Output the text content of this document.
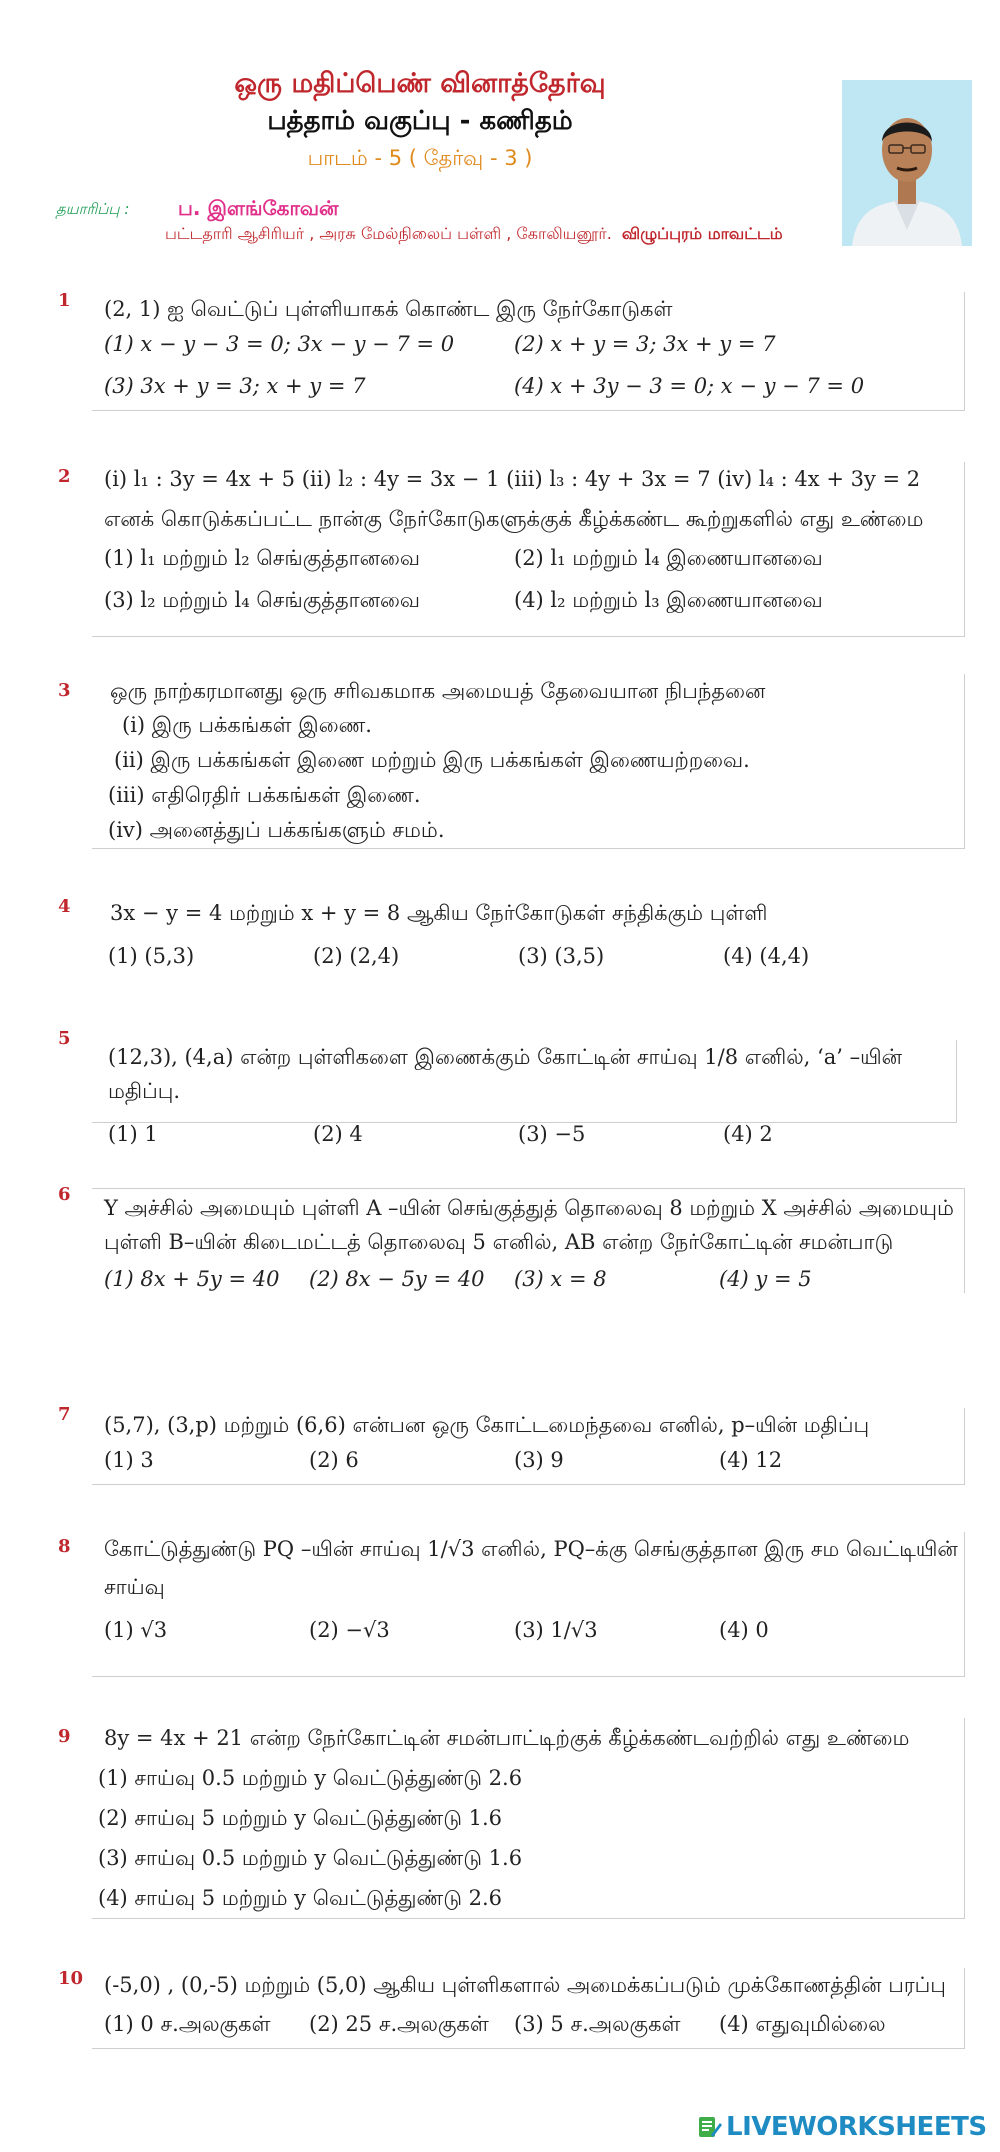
ஒரு மதிப்பெண் வினாத்தேர்வு
பத்தாம் வகுப்பு - கணிதம்
பாடம் - 5 ( தேர்வு - 3 )
தயாரிப்பு : ப. இளங்கோவன்
பட்டதாரி ஆசிரியர் , அரசு மேல்நிலைப் பள்ளி , கோலியனூர். விழுப்புரம் மாவட்டம்
1	(2, 1) ஐ வெட்டுப் புள்ளியாகக் கொண்ட இரு நேர்கோடுகள்
(1) x − y − 3 = 0; 3x − y − 7 = 0	(2) x + y = 3; 3x + y = 7
(3) 3x + y = 3; x + y = 7	(4) x + 3y − 3 = 0; x − y − 7 = 0
2	(i) l₁ : 3y = 4x + 5 (ii) l₂ : 4y = 3x − 1 (iii) l₃ : 4y + 3x = 7 (iv) l₄ : 4x + 3y = 2
எனக் கொடுக்கப்பட்ட நான்கு நேர்கோடுகளுக்குக் கீழ்க்கண்ட கூற்றுகளில் எது உண்மை
(1) l₁ மற்றும் l₂ செங்குத்தானவை	(2) l₁ மற்றும் l₄ இணையானவை
(3) l₂ மற்றும் l₄ செங்குத்தானவை	(4) l₂ மற்றும் l₃ இணையானவை
3	ஒரு நாற்கரமானது ஒரு சரிவகமாக அமையத் தேவையான நிபந்தனை
(i) இரு பக்கங்கள் இணை.
(ii) இரு பக்கங்கள் இணை மற்றும் இரு பக்கங்கள் இணையற்றவை.
(iii) எதிரெதிர் பக்கங்கள் இணை.
(iv) அனைத்துப் பக்கங்களும் சமம்.
4	3x − y = 4 மற்றும் x + y = 8 ஆகிய நேர்கோடுகள் சந்திக்கும் புள்ளி
(1) (5,3)	(2) (2,4)	(3) (3,5)	(4) (4,4)
5
(12,3), (4,a) என்ற புள்ளிகளை இணைக்கும் கோட்டின் சாய்வு 1/8 எனில், ‘a’ –யின் மதிப்பு.
(1) 1	(2) 4	(3) −5	(4) 2
6
Y அச்சில் அமையும் புள்ளி A –யின் செங்குத்துத் தொலைவு 8 மற்றும் X அச்சில் அமையும்
புள்ளி B–யின் கிடைமட்டத் தொலைவு 5 எனில், AB என்ற நேர்கோட்டின் சமன்பாடு
(1) 8x + 5y = 40	(2) 8x − 5y = 40	(3) x = 8	(4) y = 5
7	(5,7), (3,p) மற்றும் (6,6) என்பன ஒரு கோட்டமைந்தவை எனில், p–யின் மதிப்பு
(1) 3	(2) 6	(3) 9	(4) 12
8	கோட்டுத்துண்டு PQ –யின் சாய்வு 1/√3 எனில், PQ–க்கு செங்குத்தான இரு சம வெட்டியின்
சாய்வு
(1) √3	(2) −√3	(3) 1/√3	(4) 0
9	8y = 4x + 21 என்ற நேர்கோட்டின் சமன்பாட்டிற்குக் கீழ்க்கண்டவற்றில் எது உண்மை
(1) சாய்வு 0.5 மற்றும் y வெட்டுத்துண்டு 2.6
(2) சாய்வு 5 மற்றும் y வெட்டுத்துண்டு 1.6
(3) சாய்வு 0.5 மற்றும் y வெட்டுத்துண்டு 1.6
(4) சாய்வு 5 மற்றும் y வெட்டுத்துண்டு 2.6
10 (-5,0) , (0,-5) மற்றும் (5,0) ஆகிய புள்ளிகளால் அமைக்கப்படும் முக்கோணத்தின் பரப்பு
(1) 0 ச.அலகுகள்	(2) 25 ச.அலகுகள்	(3) 5 ச.அலகுகள்	(4) எதுவுமில்லை
LIVEWORKSHEETS
